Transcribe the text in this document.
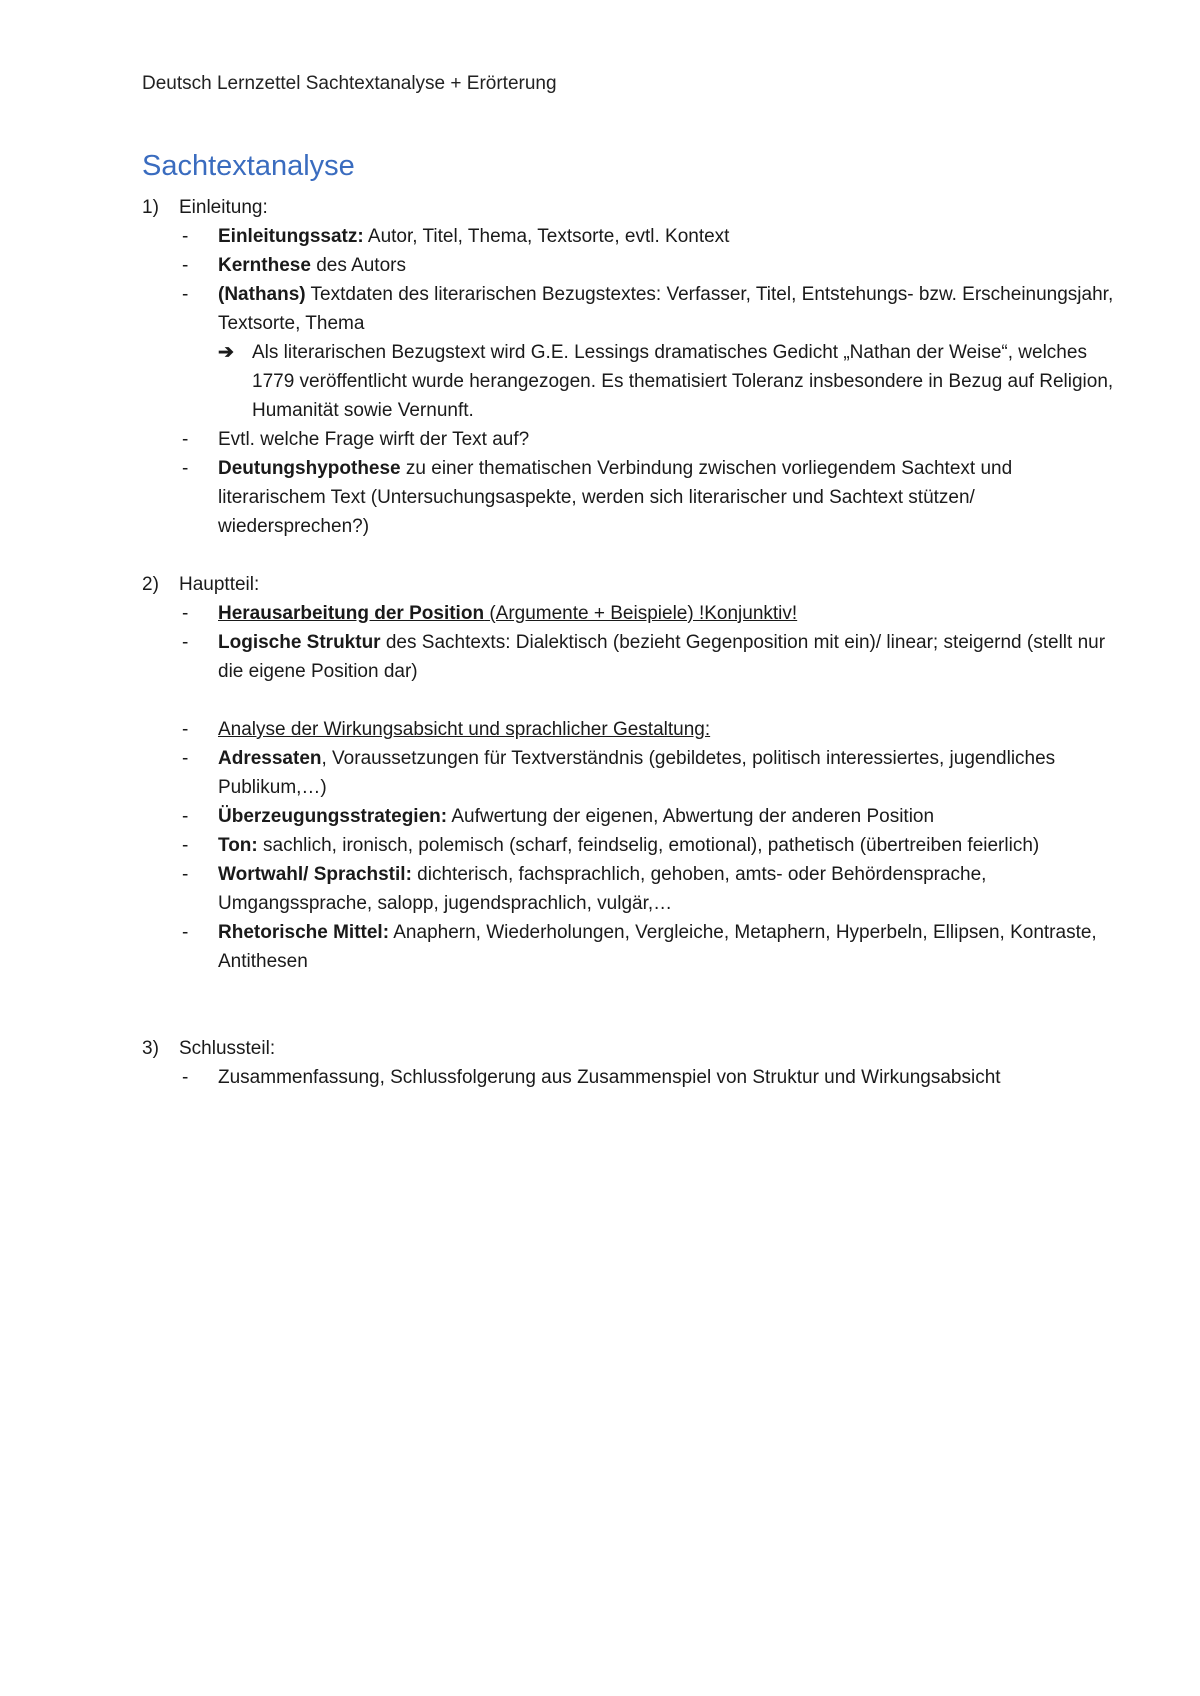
Deutsch Lernzettel Sachtextanalyse + Erörterung
Sachtextanalyse
1)	Einleitung:
-	Einleitungssatz: Autor, Titel, Thema, Textsorte, evtl. Kontext
-	Kernthese des Autors
-	(Nathans) Textdaten des literarischen Bezugstextes: Verfasser, Titel, Entstehungs- bzw. Erscheinungsjahr, Textsorte, Thema
➔ Als literarischen Bezugstext wird G.E. Lessings dramatisches Gedicht „Nathan der Weise“, welches 1779 veröffentlicht wurde herangezogen. Es thematisiert Toleranz insbesondere in Bezug auf Religion, Humanität sowie Vernunft.
-	Evtl. welche Frage wirft der Text auf?
-	Deutungshypothese zu einer thematischen Verbindung zwischen vorliegendem Sachtext und literarischem Text (Untersuchungsaspekte, werden sich literarischer und Sachtext stützen/ wiedersprechen?)
2)	Hauptteil:
-	Herausarbeitung der Position (Argumente + Beispiele) !Konjunktiv!
-	Logische Struktur des Sachtexts: Dialektisch (bezieht Gegenposition mit ein)/ linear; steigernd (stellt nur die eigene Position dar)
-	Analyse der Wirkungsabsicht und sprachlicher Gestaltung:
-	Adressaten, Voraussetzungen für Textverständnis (gebildetes, politisch interessiertes, jugendliches Publikum,…)
-	Überzeugungsstrategien: Aufwertung der eigenen, Abwertung der anderen Position
-	Ton: sachlich, ironisch, polemisch (scharf, feindselig, emotional), pathetisch (übertreiben feierlich)
-	Wortwahl/ Sprachstil: dichterisch, fachsprachlich, gehoben, amts- oder Behördensprache, Umgangssprache, salopp, jugendsprachlich, vulgär,…
-	Rhetorische Mittel: Anaphern, Wiederholungen, Vergleiche, Metaphern, Hyperbeln, Ellipsen, Kontraste, Antithesen
3)	Schlussteil:
-	Zusammenfassung, Schlussfolgerung aus Zusammenspiel von Struktur und Wirkungsabsicht
